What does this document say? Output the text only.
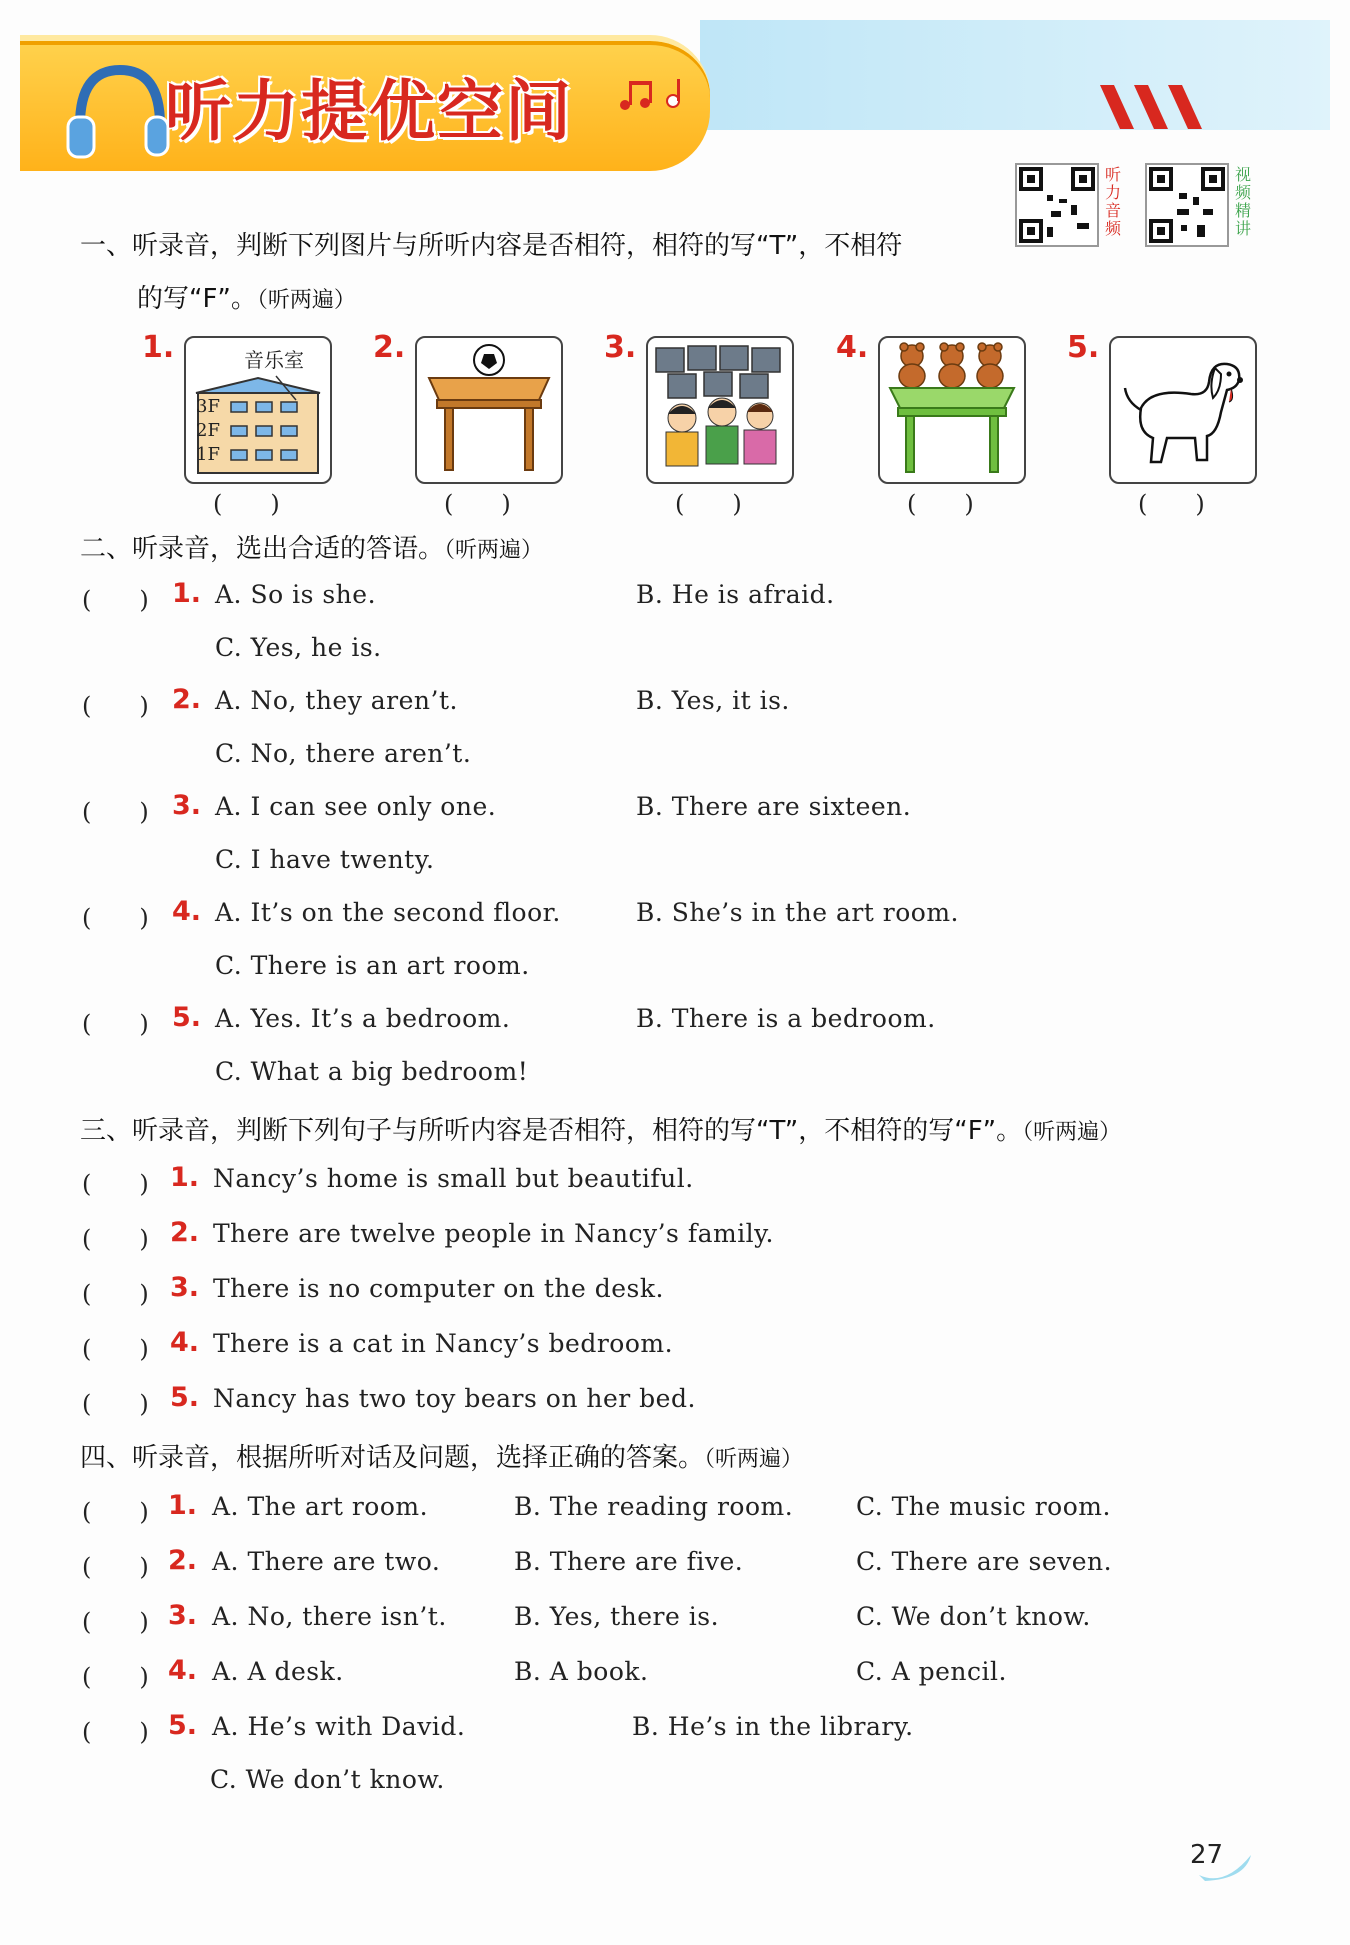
听力提优空间
听力音频
视频精讲
一、听录音，判断下列图片与所听内容是否相符，相符的写“T”，不相符
的写“F”。（听两遍）
1.	音乐室
3F
2F
1F
2.	3.	4.	5.
(　　)	(　　)	(　　)	(　　)	(　　)
二、听录音，选出合适的答语。（听两遍）
(　　) 1. A. So is she.	B. He is afraid.
C. Yes, he is.
(　　) 2. A. No, they aren’t.	B. Yes, it is.
C. No, there aren’t.
(　　) 3. A. I can see only one.	B. There are sixteen.
C. I have twenty.
(　　) 4. A. It’s on the second floor.	B. She’s in the art room.
C. There is an art room.
(　　) 5. A. Yes. It’s a bedroom.	B. There is a bedroom.
C. What a big bedroom!
三、听录音，判断下列句子与所听内容是否相符，相符的写“T”，不相符的写“F”。（听两遍）
(　　) 1. Nancy’s home is small but beautiful.
(　　) 2. There are twelve people in Nancy’s family.
(　　) 3. There is no computer on the desk.
(　　) 4. There is a cat in Nancy’s bedroom.
(　　) 5. Nancy has two toy bears on her bed.
四、听录音，根据所听对话及问题，选择正确的答案。（听两遍）
(　　) 1. A. The art room.	B. The reading room.	C. The music room.
(　　) 2. A. There are two.	B. There are five.	C. There are seven.
(　　) 3. A. No, there isn’t.	B. Yes, there is.	C. We don’t know.
(　　) 4. A. A desk.	B. A book.	C. A pencil.
(　　) 5. A. He’s with David.	B. He’s in the library.
C. We don’t know.
27
